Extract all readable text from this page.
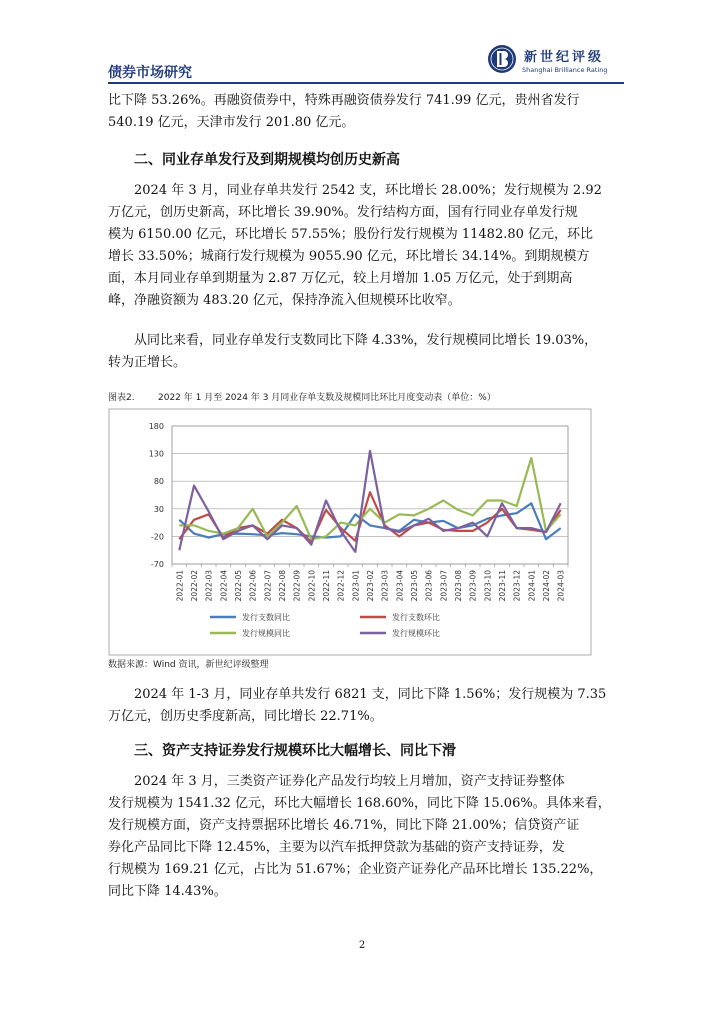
债券市场研究
新世纪评级
Shanghai Brilliance Rating
比下降 53.26%。再融资债券中，特殊再融资债券发行 741.99 亿元，贵州省发行
540.19 亿元，天津市发行 201.80 亿元。
二、同业存单发行及到期规模均创历史新高
2024 年 3 月，同业存单共发行 2542 支，环比增长 28.00%；发行规模为 2.92
万亿元，创历史新高，环比增长 39.90%。发行结构方面，国有行同业存单发行规
模为 6150.00 亿元，环比增长 57.55%；股份行发行规模为 11482.80 亿元，环比
增长 33.50%；城商行发行规模为 9055.90 亿元，环比增长 34.14%。到期规模方
面，本月同业存单到期量为 2.87 万亿元，较上月增加 1.05 万亿元，处于到期高
峰，净融资额为 483.20 亿元，保持净流入但规模环比收窄。
从同比来看，同业存单发行支数同比下降 4.33%，发行规模同比增长 19.03%，
转为正增长。
图表2.	2022 年 1 月至 2024 年 3 月同业存单支数及规模同比环比月度变动表（单位：%）
-70
-20
30
80
130
180
2022-01 2022-02 2022-03 2022-04 2022-05 2022-06 2022-07 2022-08 2022-09 2022-10 2022-11 2022-12 2023-01 2023-02 2023-03 2023-04 2023-05 2023-06 2023-07 2023-08 2023-09 2023-10 2023-11 2023-12 2024-01 2024-02 2024-03
发行支数同比	发行支数环比
发行规模同比	发行规模环比
数据来源：Wind 资讯，新世纪评级整理
2024 年 1-3 月，同业存单共发行 6821 支，同比下降 1.56%；发行规模为 7.35
万亿元，创历史季度新高，同比增长 22.71%。
三、资产支持证券发行规模环比大幅增长、同比下滑
2024 年 3 月，三类资产证券化产品发行均较上月增加，资产支持证券整体
发行规模为 1541.32 亿元，环比大幅增长 168.60%，同比下降 15.06%。具体来看，
发行规模方面，资产支持票据环比增长 46.71%，同比下降 21.00%；信贷资产证
券化产品同比下降 12.45%，主要为以汽车抵押贷款为基础的资产支持证券，发
行规模为 169.21 亿元，占比为 51.67%；企业资产证券化产品环比增长 135.22%，
同比下降 14.43%。
2
